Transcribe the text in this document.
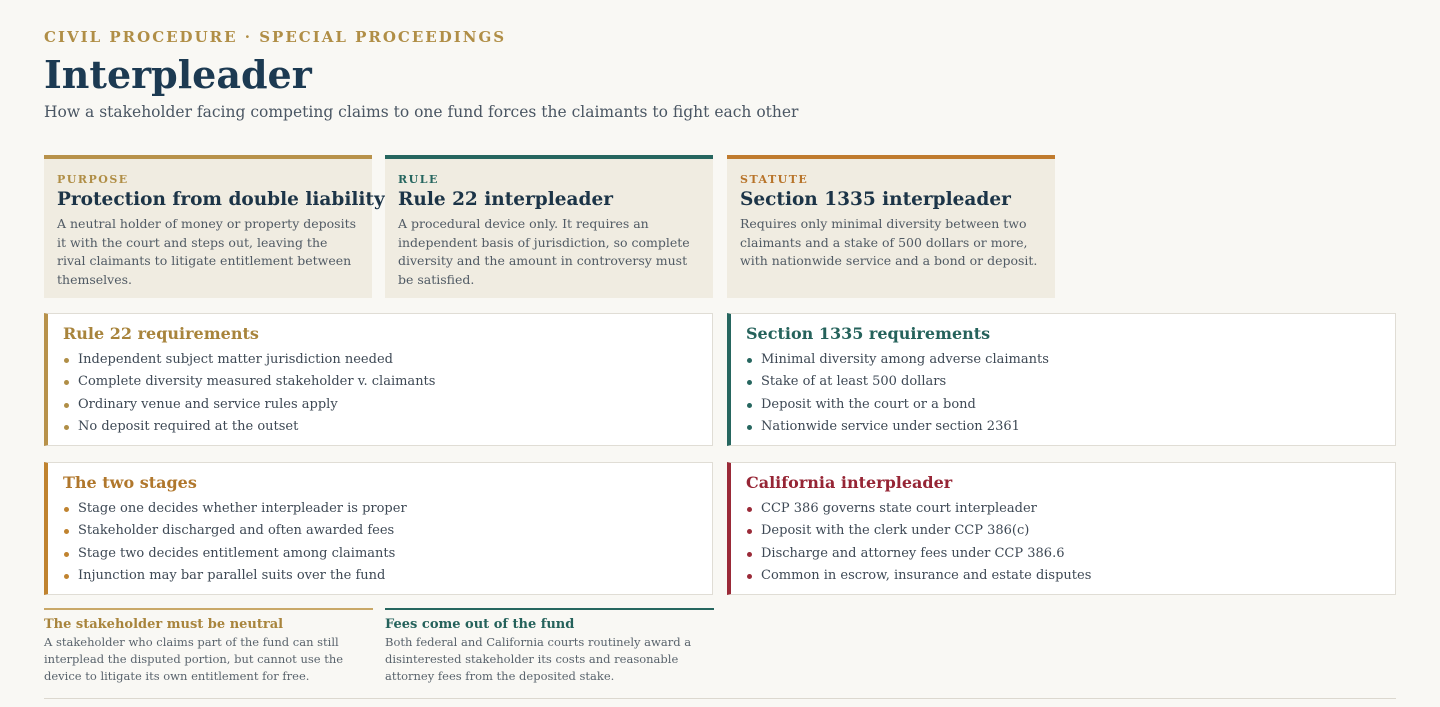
CIVIL PROCEDURE · SPECIAL PROCEEDINGS
Interpleader
How a stakeholder facing competing claims to one fund forces the claimants to fight each other
PURPOSE
Protection from double liability
A neutral holder of money or property deposits it with the court and steps out, leaving the rival claimants to litigate entitlement between themselves.
RULE
Rule 22 interpleader
A procedural device only. It requires an independent basis of jurisdiction, so complete diversity and the amount in controversy must be satisfied.
STATUTE
Section 1335 interpleader
Requires only minimal diversity between two claimants and a stake of 500 dollars or more, with nationwide service and a bond or deposit.
Rule 22 requirements
Independent subject matter jurisdiction needed
Complete diversity measured stakeholder v. claimants
Ordinary venue and service rules apply
No deposit required at the outset
Section 1335 requirements
Minimal diversity among adverse claimants
Stake of at least 500 dollars
Deposit with the court or a bond
Nationwide service under section 2361
The two stages
Stage one decides whether interpleader is proper
Stakeholder discharged and often awarded fees
Stage two decides entitlement among claimants
Injunction may bar parallel suits over the fund
California interpleader
CCP 386 governs state court interpleader
Deposit with the clerk under CCP 386(c)
Discharge and attorney fees under CCP 386.6
Common in escrow, insurance and estate disputes
The stakeholder must be neutral
A stakeholder who claims part of the fund can still interplead the disputed portion, but cannot use the device to litigate its own entitlement for free.
Fees come out of the fund
Both federal and California courts routinely award a disinterested stakeholder its costs and reasonable attorney fees from the deposited stake.
